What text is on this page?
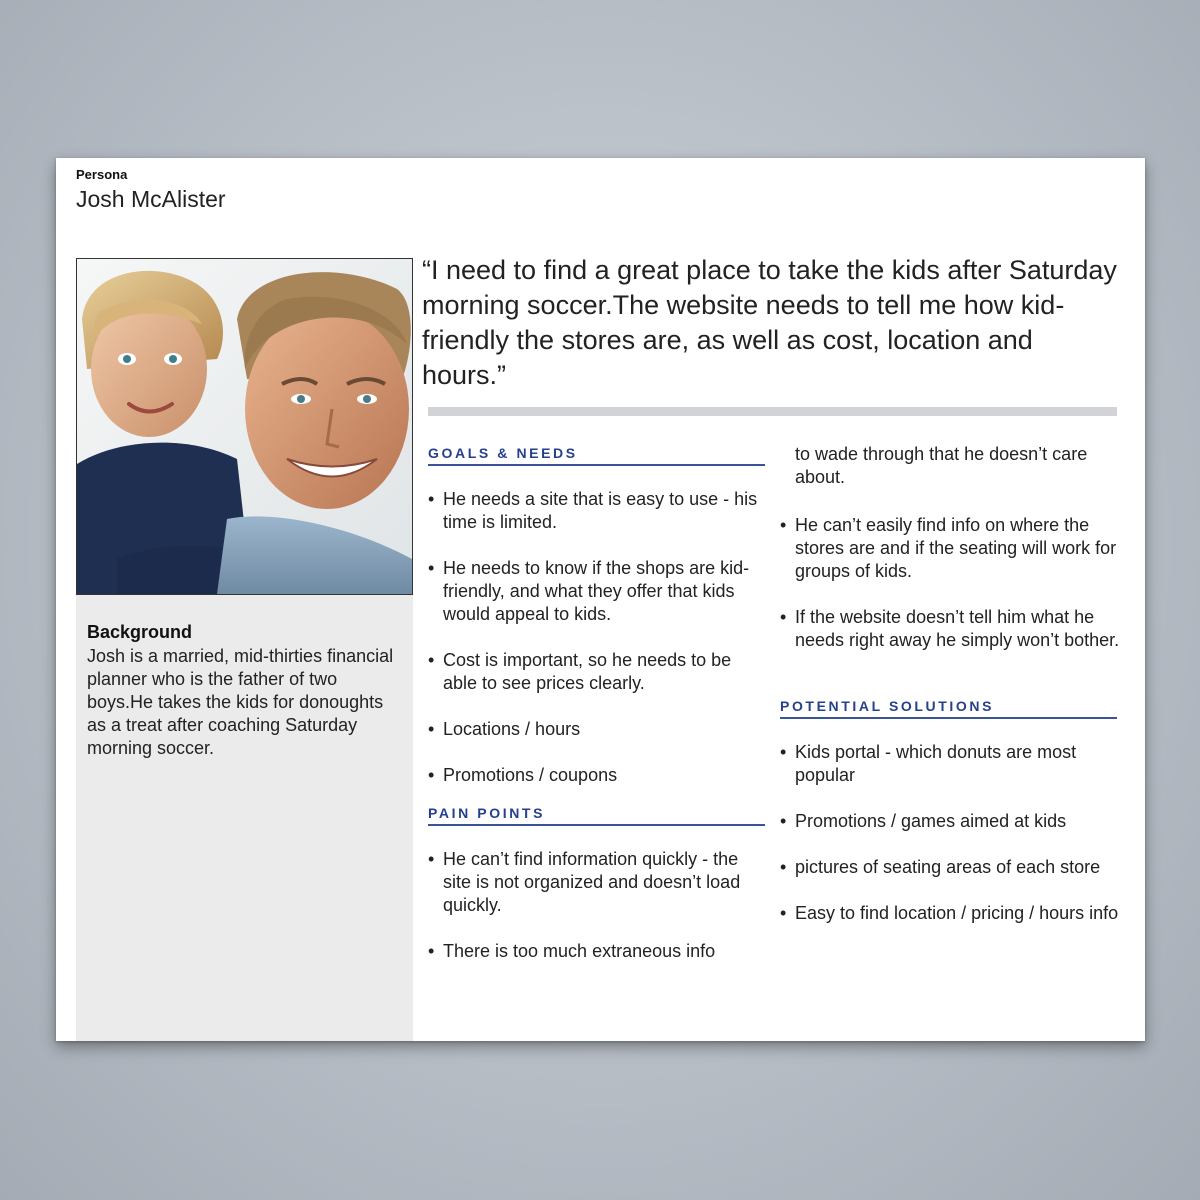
Persona
Josh McAlister
Background
Josh is a married, mid-thirties financial planner who is the father of two boys.He takes the kids for donoughts as a treat after coaching Saturday morning soccer.
“I need to find a great place to take the kids after Saturday morning soccer.The website needs to tell me how kid-friendly the stores are, as well as cost, location and hours.”
GOALS & NEEDS
• He needs a site that is easy to use - his time is limited.
• He needs to know if the shops are kid-friendly, and what they offer that kids would appeal to kids.
• Cost is important, so he needs to be able to see prices clearly.
• Locations / hours
• Promotions / coupons
PAIN POINTS
• He can’t find information quickly - the site is not organized and doesn’t load quickly.
• There is too much extraneous info
to wade through that he doesn’t care about.
• He can’t easily find info on where the stores are and if the seating will work for groups of kids.
• If the website doesn’t tell him what he needs right away he simply won’t bother.
POTENTIAL SOLUTIONS
• Kids portal - which donuts are most popular
• Promotions / games aimed at kids
• pictures of seating areas of each store
• Easy to find location / pricing / hours info
